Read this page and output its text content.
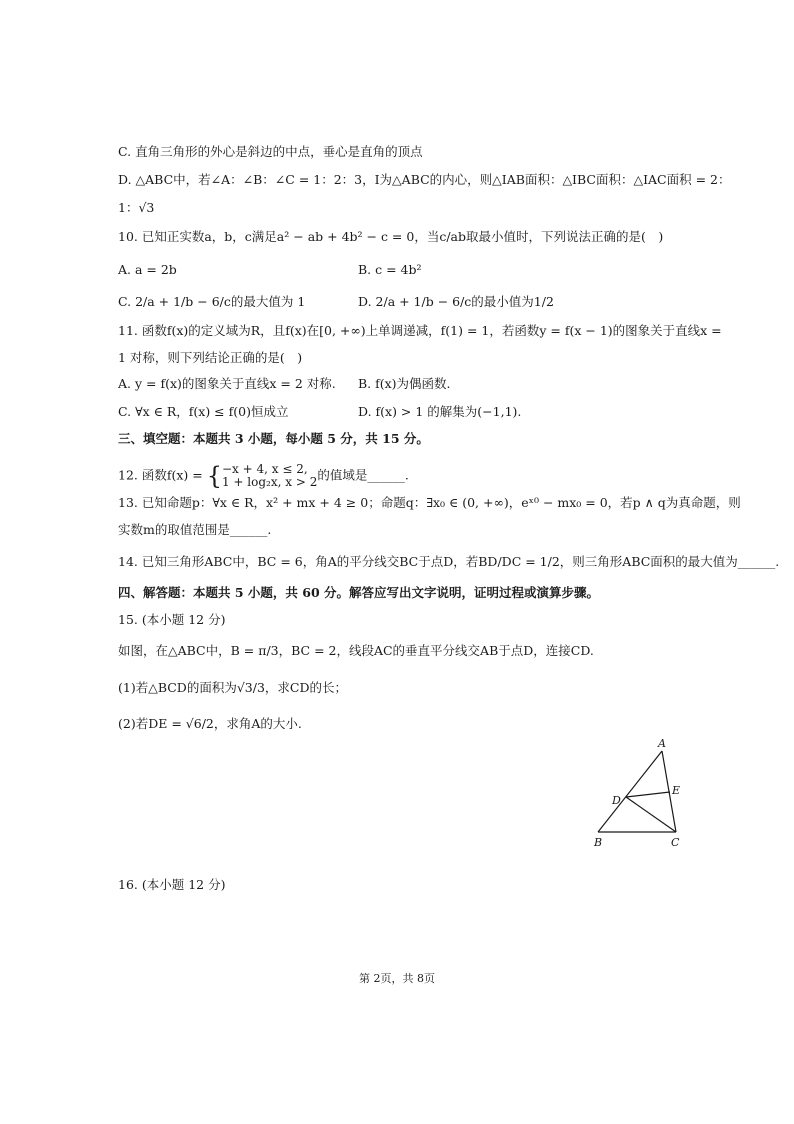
C. 直角三角形的外心是斜边的中点，垂心是直角的顶点
D. △ABC中，若∠A：∠B：∠C = 1：2：3，I为△ABC的内心，则△IAB面积：△IBC面积：△IAC面积 = 2：
1：√3
10. 已知正实数a，b，c满足a² − ab + 4b² − c = 0，当c/ab取最小值时，下列说法正确的是(　)
A. a = 2b	B. c = 4b²
C. 2/a + 1/b − 6/c的最大值为 1	D. 2/a + 1/b − 6/c的最小值为1/2
11. 函数f(x)的定义域为R，且f(x)在[0, +∞)上单调递减，f(1) = 1，若函数y = f(x − 1)的图象关于直线x =
1 对称，则下列结论正确的是(　)
A. y = f(x)的图象关于直线x = 2 对称. B. f(x)为偶函数.
C. ∀x ∈ R，f(x) ≤ f(0)恒成立	D. f(x) > 1 的解集为(−1,1).
三、填空题：本题共 3 小题，每小题 5 分，共 15 分。
12. 函数f(x) = {−x + 4, x ≤ 2,
1 + log₂x, x > 2的值域是______.
13. 已知命题p：∀x ∈ R，x² + mx + 4 ≥ 0；命题q：∃x₀ ∈ (0, +∞)，eˣ⁰ − mx₀ = 0，若p ∧ q为真命题，则
实数m的取值范围是______.
14. 已知三角形ABC中，BC = 6，角A的平分线交BC于点D，若BD/DC = 1/2，则三角形ABC面积的最大值为______.
四、解答题：本题共 5 小题，共 60 分。解答应写出文字说明，证明过程或演算步骤。
15. (本小题 12 分)
如图，在△ABC中，B = π/3，BC = 2，线段AC的垂直平分线交AB于点D，连接CD.
(1)若△BCD的面积为√3/3，求CD的长；
(2)若DE = √6/2，求角A的大小.
A
D
E
B	C
16. (本小题 12 分)
第 2页，共 8页
